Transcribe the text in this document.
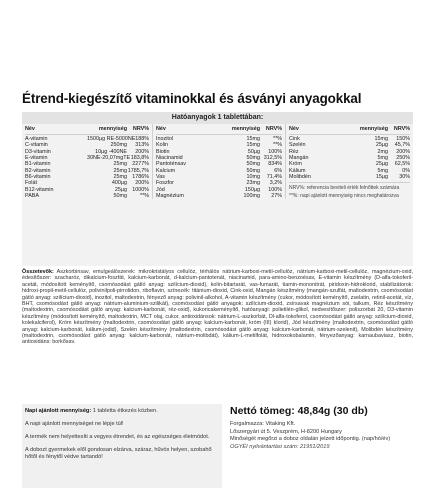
Étrend-kiegészítő vitaminokkal és ásványi anyagokkal
Hatóanyagok 1 tablettában:
Név	mennyiség	NRV%
A-vitamin	1500µg RE-5000NE 188%
C-vitamin	250mg	313%
D3-vitamin	10µg -400NE	200%
E-vitamin	30NE-20,07mgTE 183,8%
B1-vitamin	25mg 2277%
B2-vitamin	25mg 1785,7%
B6-vitamin	25mg 1786%
Folát	400µg	200%
B12-vitamin	25µg 1000%
PABA	50mg	**%
Név	mennyiség	NRV%
Inozitol	15mg	**%
Kolin	15mg	**%
Biotin	50µg	100%
Niacinamid	50mg 312,5%
Pantoténsav	50mg	834%
Kalcium	50mg	6%
Vas	10mg	71,4%
Foszfor	23mg	3,2%
Jód	150µg	100%
Magnézium	100mg	27%
Név	mennyiség	NRV%
Cink	15mg	150%
Szelén	25µg	45,7%
Réz	2mg	200%
Mangán	5mg	250%
Króm	25µg	62,5%
Kálium	5mg	0%
Molibdén	15µg	30%
NRV%: referencia beviteli érték felnőttek számára
**%: napi ajánlott mennyiség nincs meghatározva
Összetevők: Aszkorbinsav, emulgeálószerek: mikrokristályos cellulóz, térhálós nátrium-karboxi-metil-cellulóz, nátrium-karboxi-metil-cellulóz, magnézium-oxid, édesítőszer: szacharóz, dikalcium-foszfát, kalcium-karbonát, d-kalcium-pantotenát, niacinamid, para-amino-benzoésav, E-vitamin készítmény (D-alfa-tokoferil-acetát, módosított keményítő, csomósodást gátló anyag: szilícium-dioxid), kolin-bitartarát, vas-fumarát, tiamin-mononitrát, piridoxin-hidroklorid, stabilizátorok: hidroxi-propil-metil-cellulóz, polivinilpoli-pirrolidon, riboflavin, színezék: titánium-dioxid, Cink-oxid, Mangán készítmény (mangán-szulfát, maltodextrin, csomósodást gátló anyag: szilícium-dioxid), inozitol, maltodextrin, fényező anyag: polivinil-alkohol, A-vitamin készítmény (cukor, módosított keményítő, zselatin, retinil-acetát, víz, BHT, csomósodást gátló anyag: nátrium-aluminium-szilikát), csomósodást gátló anyagok: szilícium-dioxid, zsírsavak magnézium sói, talkum, Réz készítmény (maltodextrin, csomósodást gátló anyag: kalcium-karbonát, réz-oxid), kukoricakeményítő, hatóanyagi: polietilén-glikol, nedvesítőszer: poliszorbát 20, D3-vitamin készítmény (módosított keményítő, maltodextrin, MCT olaj, cukor, antioxidánsok: nátrium-L-aszkorbát, Dl-alfa-tokoferol, csomósodást gátló anyag: szilícium-dioxid, kolekalciferol), Króm készítmény (maltodextrin, csomósodást gátló anyag: kalcium-karbonát, króm (III) klorid), Jód készítmény (maltodextrin, csomósodást gátló anyag: kalcium-karbonát, kálium-jodid), Szelén készítmény (maltodextrin, csomósodást gátló anyag: kalcium-karbonát, nátrium-szelenit), Molibdén készítmény (maltodextrin, csomósodást gátló anyag: kalcium-karbonát, nátrium-molibdát), kálium-L-metilfolát, hidroxokobalamin, fényezőanyag: karnaubaviasz, biotin, antioxidáns: borkősav.

Napi ajánlott mennyiség: 1 tabletta étkezés közben.

A napi ajánlott mennyiséget ne lépje túl!

A termék nem helyettesíti a vegyes étrendet, és az egészséges életmódot.

A dobozt gyermekek elől gondosan elzárva, száraz, hűvös helyen, szobahő hőtől és fénytől védve tartandó!

Nettó tömeg: 48,84g (30 db)
Forgalmazza: Vitaking Kft.
Lőszergyári út 5. Veszprém, H-8200 Hungary
Minőségét megőrzi a doboz oldalán jelzett időpontig. (nap/hó/év)
OGYÉI nyilvántartási szám: 21951/2019
